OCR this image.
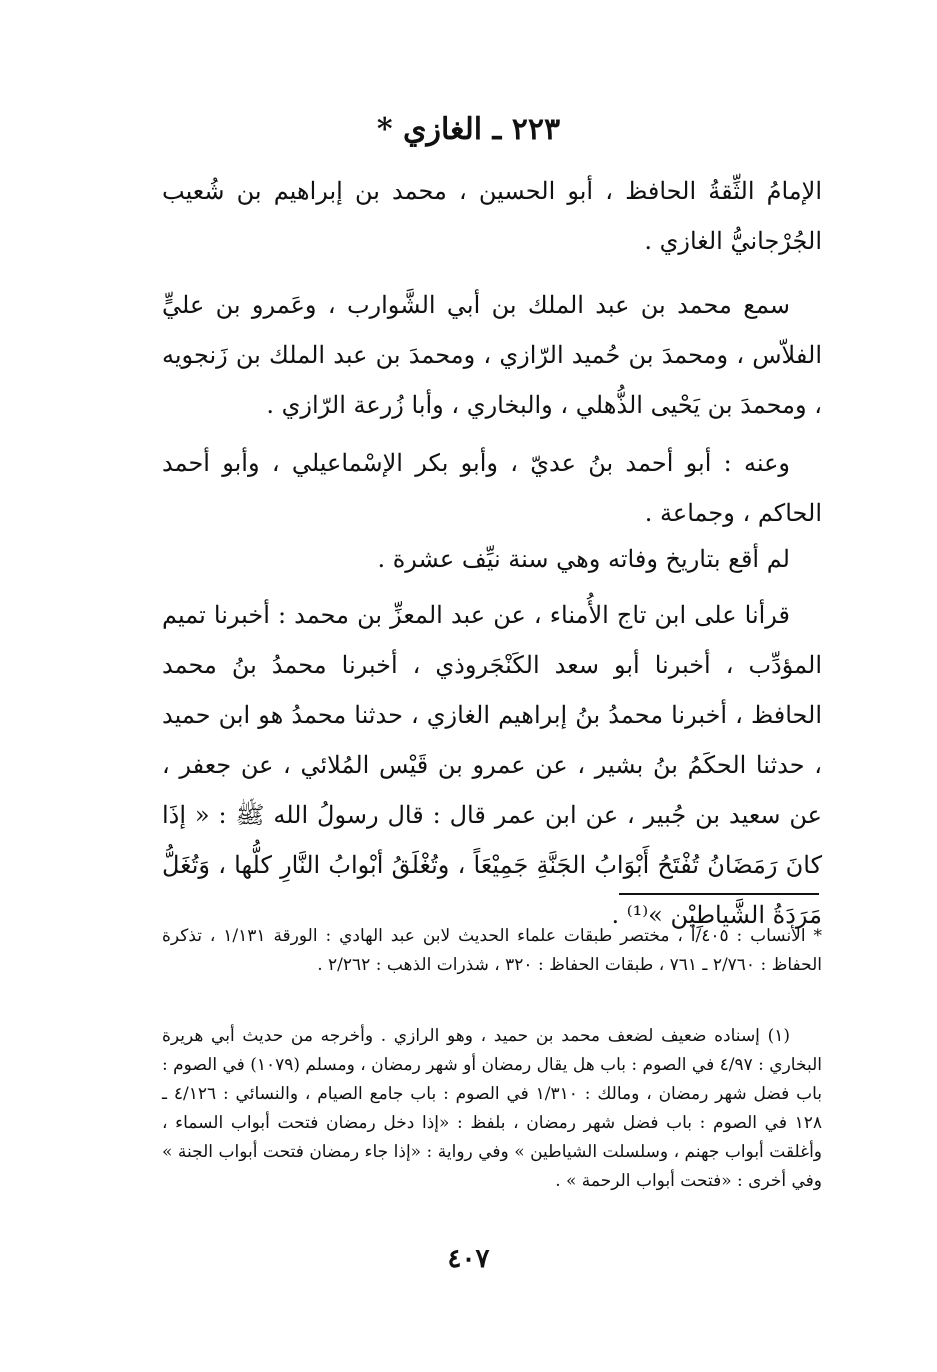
٢٢٣ ـ الغازي *
الإمامُ الثِّقةُ الحافظ ، أبو الحسين ، محمد بن إبراهيم بن شُعيب الجُرْجانيُّ الغازي .
سمع محمد بن عبد الملك بن أبي الشَّوارب ، وعَمرو بن عليٍّ الفلاّس ، ومحمدَ بن حُميد الرّازي ، ومحمدَ بن عبد الملك بن زَنجويه ، ومحمدَ بن يَحْيى الذُّهلي ، والبخاري ، وأبا زُرعة الرّازي .
وعنه : أبو أحمد بنُ عديّ ، وأبو بكر الإسْماعيلي ، وأبو أحمد الحاكم ، وجماعة .
لم أقع بتاريخ وفاته وهي سنة نيِّف عشرة .
قرأنا على ابن تاج الأُمناء ، عن عبد المعزِّ بن محمد : أخبرنا تميم المؤدِّب ، أخبرنا أبو سعد الكَنْجَروذي ، أخبرنا محمدُ بنُ محمد الحافظ ، أخبرنا محمدُ بنُ إبراهيم الغازي ، حدثنا محمدُ هو ابن حميد ، حدثنا الحكَمُ بنُ بشير ، عن عمرو بن قَيْس المُلائي ، عن جعفر ، عن سعيد بن جُبير ، عن ابن عمر قال : قال رسولُ الله ﷺ : « إذَا كانَ رَمَضَانُ تُفْتَحُ أَبْوَابُ الجَنَّةِ جَمِيْعَاً ، وتُغْلَقُ أبْوابُ النَّارِ كلُّها ، وَتُغَلُّ مَرَدَةُ الشَّياطِيْن »⁽¹⁾ .
* الأنساب : ٤٠٥/أ ، مختصر طبقات علماء الحديث لابن عبد الهادي : الورقة ١/١٣١ ، تذكرة الحفاظ : ٢/٧٦٠ ـ ٧٦١ ، طبقات الحفاظ : ٣٢٠ ، شذرات الذهب : ٢/٢٦٢ .
(١) إسناده ضعيف لضعف محمد بن حميد ، وهو الرازي . وأخرجه من حديث أبي هريرة البخاري : ٤/٩٧ في الصوم : باب هل يقال رمضان أو شهر رمضان ، ومسلم (١٠٧٩) في الصوم : باب فضل شهر رمضان ، ومالك : ١/٣١٠ في الصوم : باب جامع الصيام ، والنسائي : ٤/١٢٦ ـ ١٢٨ في الصوم : باب فضل شهر رمضان ، بلفظ : «إذا دخل رمضان فتحت أبواب السماء ، وأغلقت أبواب جهنم ، وسلسلت الشياطين » وفي رواية : «إذا جاء رمضان فتحت أبواب الجنة » وفي أخرى : «فتحت أبواب الرحمة » .
٤٠٧
